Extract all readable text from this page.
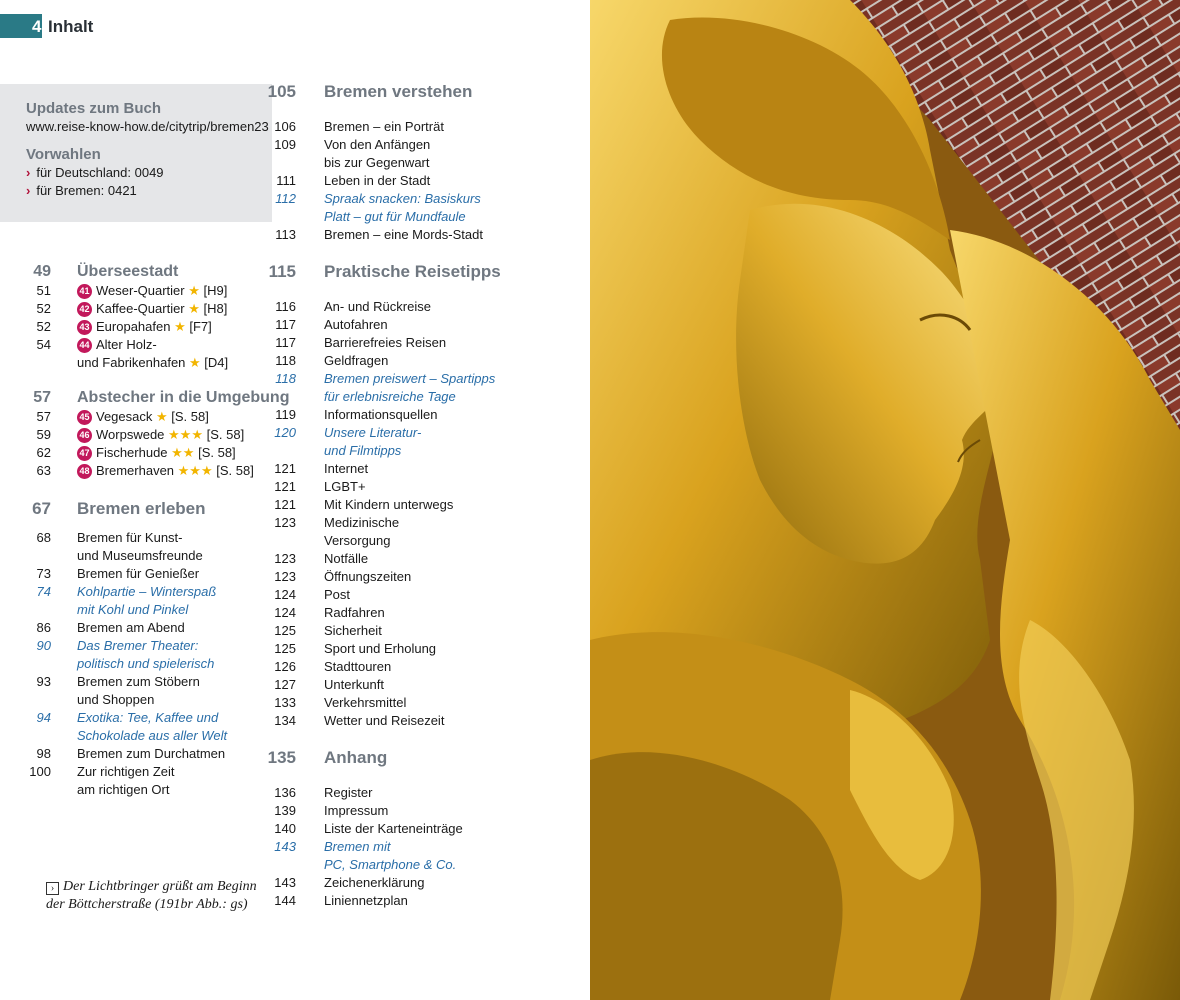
4 Inhalt
Updates zum Buch
www.reise-know-how.de/citytrip/bremen23
Vorwahlen
› für Deutschland: 0049
› für Bremen: 0421
49	Überseestadt
51	41 Weser-Quartier ★ [H9]
52	42 Kaffee-Quartier ★ [H8]
52	43 Europahafen ★ [F7]
54	44 Alter Holz-
und Fabrikenhafen ★ [D4]
57	Abstecher in die Umgebung
57	45 Vegesack ★ [S. 58]
59	46 Worpswede ★★★ [S. 58]
62	47 Fischerhude ★★ [S. 58]
63	48 Bremerhaven ★★★ [S. 58]
67	Bremen erleben
68	Bremen für Kunst-
und Museumsfreunde
73	Bremen für Genießer
74	Kohlpartie – Winterspaß
mit Kohl und Pinkel
86	Bremen am Abend
90	Das Bremer Theater:
politisch und spielerisch
93	Bremen zum Stöbern
und Shoppen
94	Exotika: Tee, Kaffee und
Schokolade aus aller Welt
98	Bremen zum Durchatmen
100	Zur richtigen Zeit
am richtigen Ort
105	Bremen verstehen
106	Bremen – ein Porträt
109	Von den Anfängen
bis zur Gegenwart
111	Leben in der Stadt
112	Spraak snacken: Basiskurs
Platt – gut für Mundfaule
113	Bremen – eine Mords-Stadt
115	Praktische Reisetipps
116	An- und Rückreise
117	Autofahren
117	Barrierefreies Reisen
118	Geldfragen
118	Bremen preiswert – Spartipps
für erlebnisreiche Tage
119	Informationsquellen
120	Unsere Literatur-
und Filmtipps
121	Internet
121	LGBT+
121	Mit Kindern unterwegs
123	Medizinische
Versorgung
123	Notfälle
123	Öffnungszeiten
124	Post
124	Radfahren
125	Sicherheit
125	Sport und Erholung
126	Stadttouren
127	Unterkunft
133	Verkehrsmittel
134	Wetter und Reisezeit
135	Anhang
136	Register
139	Impressum
140	Liste der Karteneinträge
143	Bremen mit
PC, Smartphone & Co.
143	Zeichenerklärung
144	Liniennetzplan
› Der Lichtbringer grüßt am Beginn
der Böttcherstraße (191br Abb.: gs)
